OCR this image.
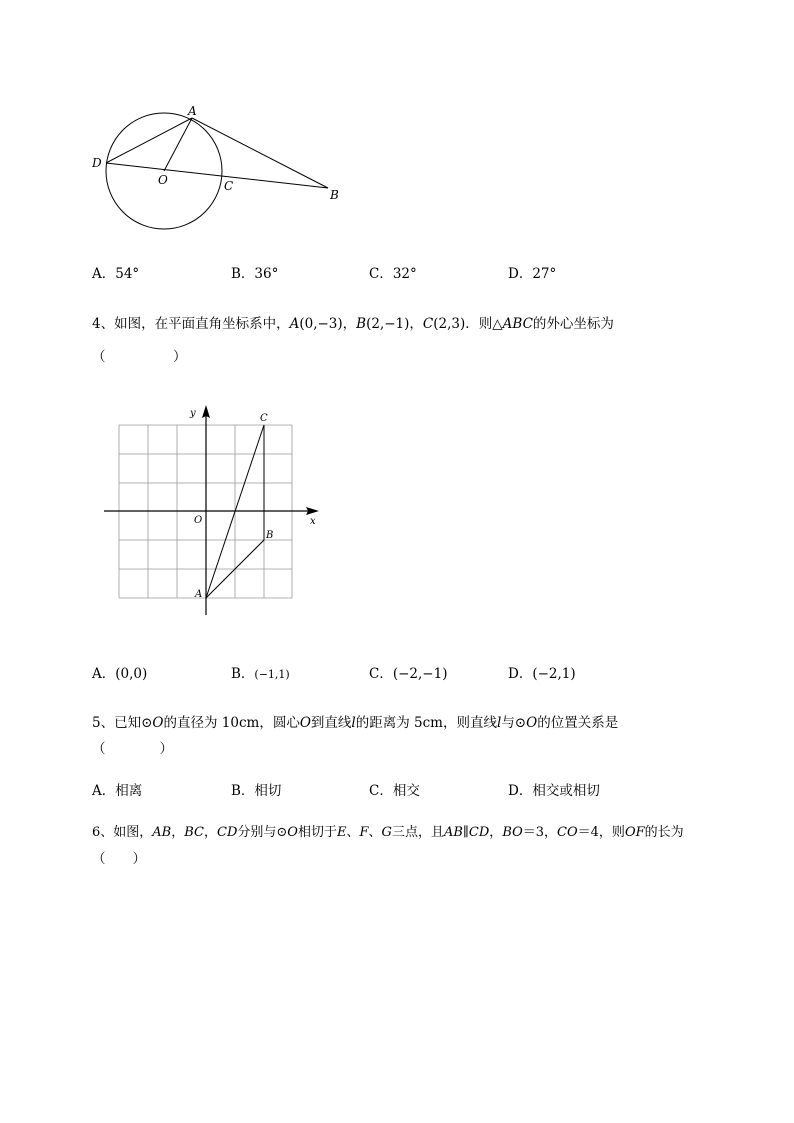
A
D
O	C
B
A．54°	B．36°	C．32°	D．27°
4、如图，在平面直角坐标系中，A(0,−3)，B(2,−1)，C(2,3)．则△ABC的外心坐标为
（　　　　　）
x
y
O
C
B
A
A．(0,0)	B．(−1,1)	C．(−2,−1)	D．(−2,1)
5、已知⊙O的直径为 10cm，圆心O到直线l的距离为 5cm，则直线l与⊙O的位置关系是
（　　　　）
A．相离	B．相切	C．相交	D．相交或相切
6、如图，AB，BC，CD分别与⊙O相切于E、F、G三点，且AB∥CD，BO＝3，CO＝4，则OF的长为
（　　）
